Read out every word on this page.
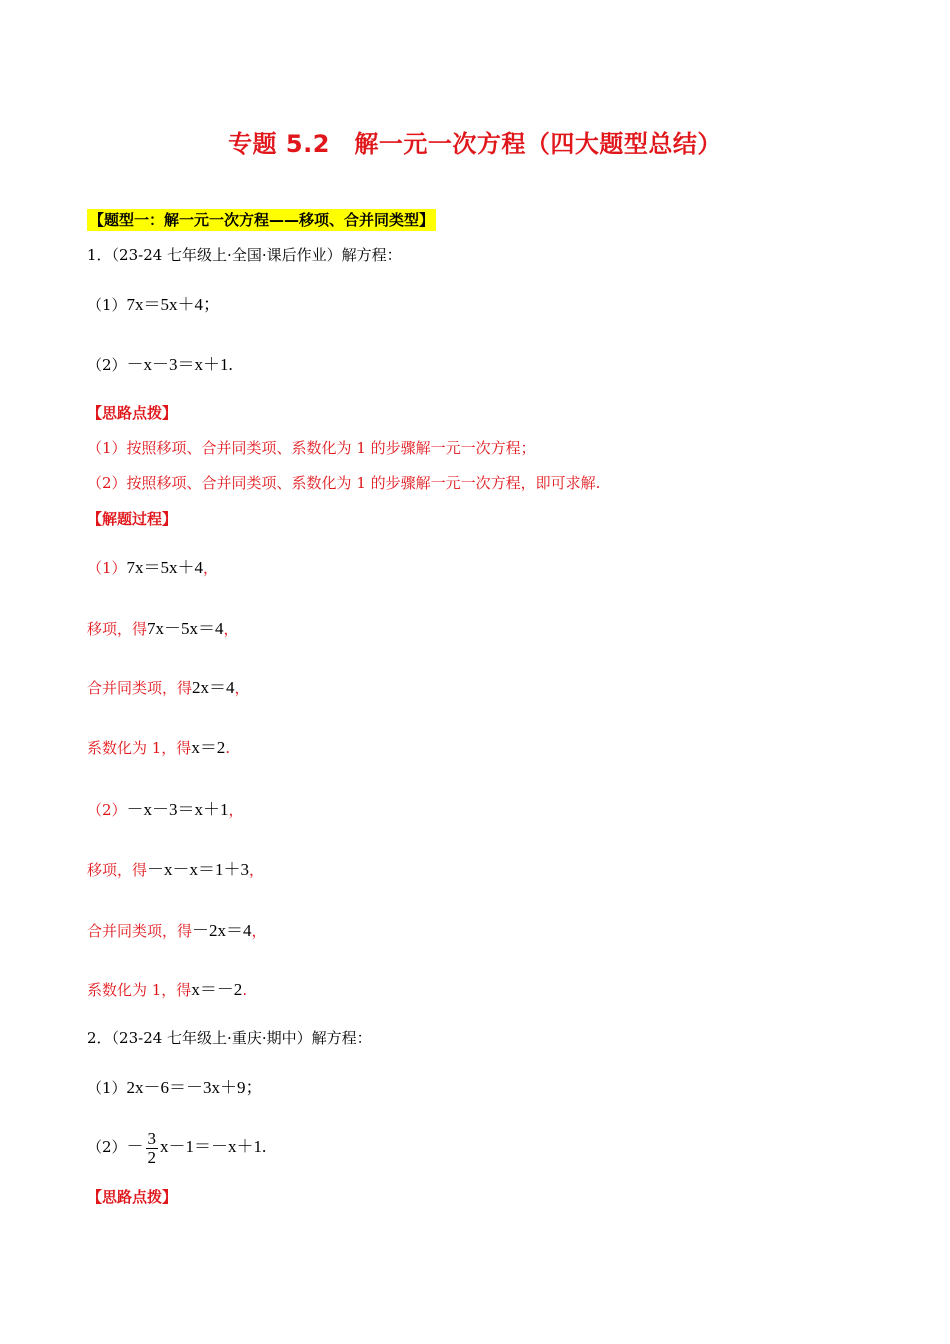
专题 5.2　解一元一次方程（四大题型总结）
【题型一：解一元一次方程——移项、合并同类型】
1．（23-24 七年级上·全国·课后作业）解方程：
（1）7x＝5x＋4；
（2）－x－3＝x＋1.
【思路点拨】
（1）按照移项、合并同类项、系数化为 1 的步骤解一元一次方程；
（2）按照移项、合并同类项、系数化为 1 的步骤解一元一次方程，即可求解.
【解题过程】
（1）7x＝5x＋4，
移项，得7x－5x＝4，
合并同类项，得2x＝4，
系数化为 1，得x＝2.
（2）－x－3＝x＋1，
移项，得－x－x＝1＋3，
合并同类项，得－2x＝4，
系数化为 1，得x＝－2.
2．（23-24 七年级上·重庆·期中）解方程：
（1）2x－6＝－3x＋9；
$(2)- \frac{3}{2} x-1=-x+1$.
【思路点拨】
